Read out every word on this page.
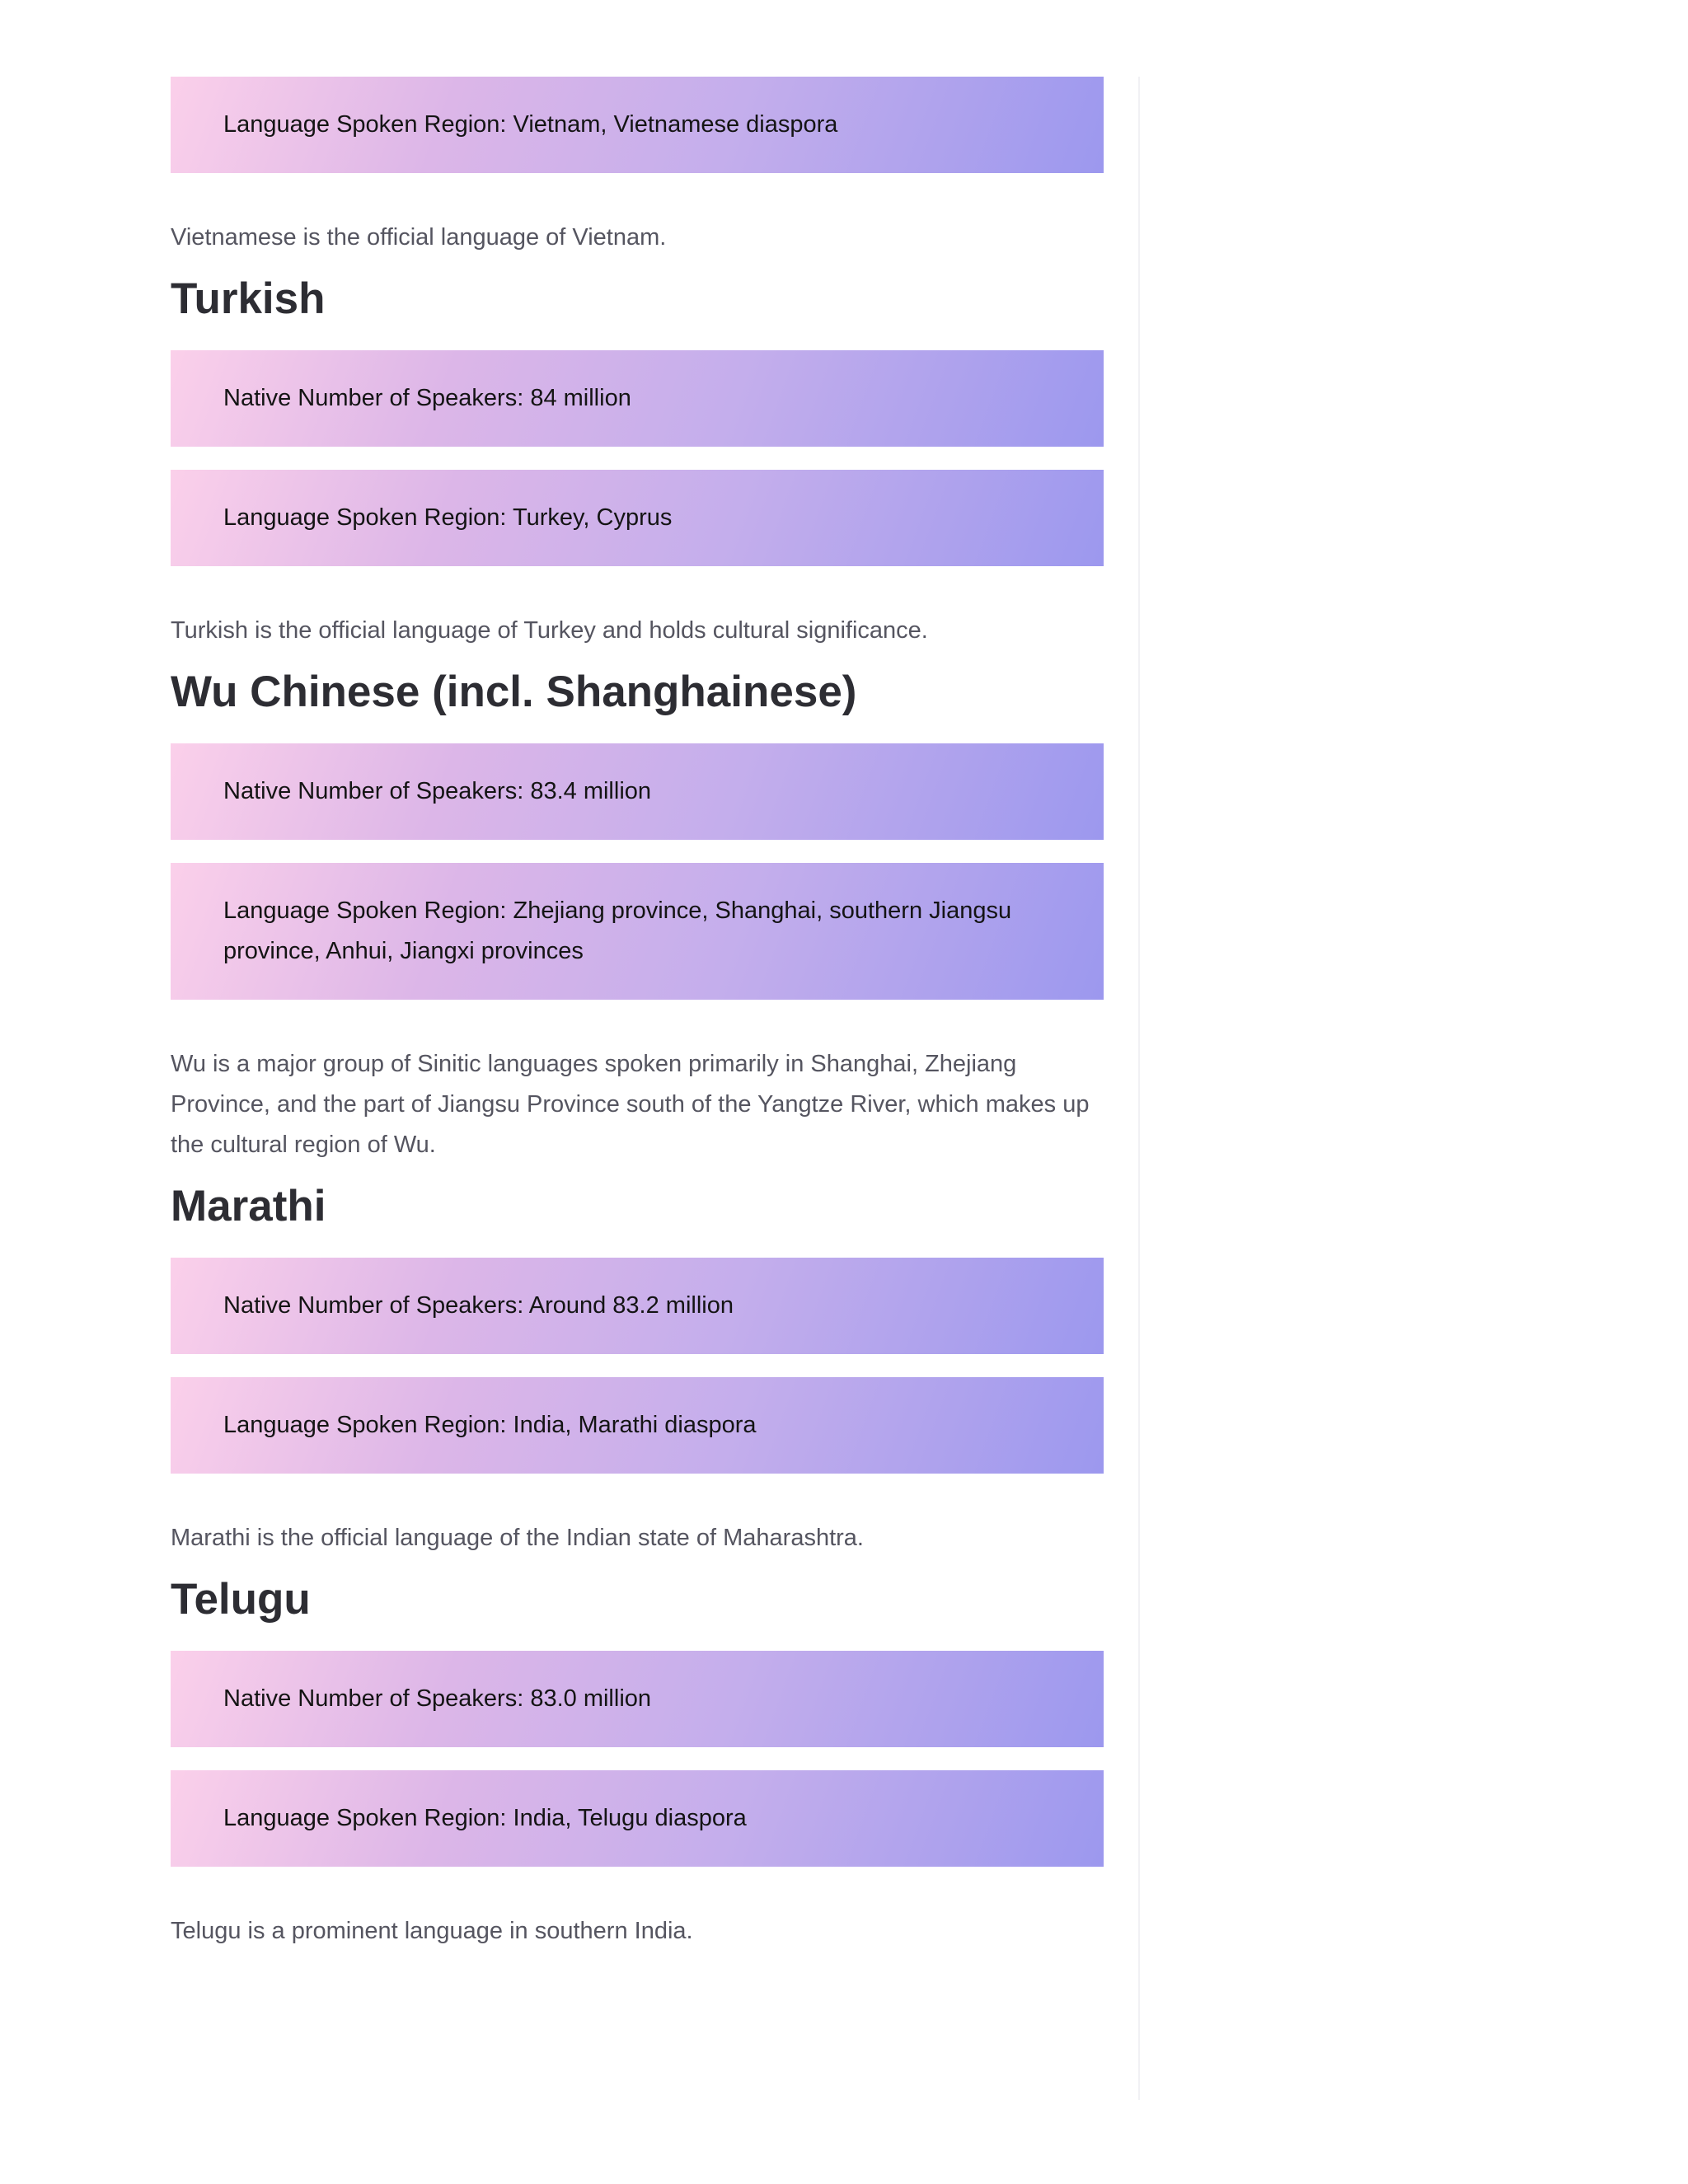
Language Spoken Region: Vietnam, Vietnamese diaspora

Vietnamese is the official language of Vietnam.

Turkish
Native Number of Speakers: 84 million
Language Spoken Region: Turkey, Cyprus

Turkish is the official language of Turkey and holds cultural significance.

Wu Chinese (incl. Shanghainese)
Native Number of Speakers: 83.4 million
Language Spoken Region: Zhejiang province, Shanghai, southern Jiangsu province, Anhui, Jiangxi provinces

Wu is a major group of Sinitic languages spoken primarily in Shanghai, Zhejiang Province, and the part of Jiangsu Province south of the Yangtze River, which makes up the cultural region of Wu.

Marathi
Native Number of Speakers: Around 83.2 million
Language Spoken Region: India, Marathi diaspora

Marathi is the official language of the Indian state of Maharashtra.

Telugu
Native Number of Speakers: 83.0 million
Language Spoken Region: India, Telugu diaspora

Telugu is a prominent language in southern India.
